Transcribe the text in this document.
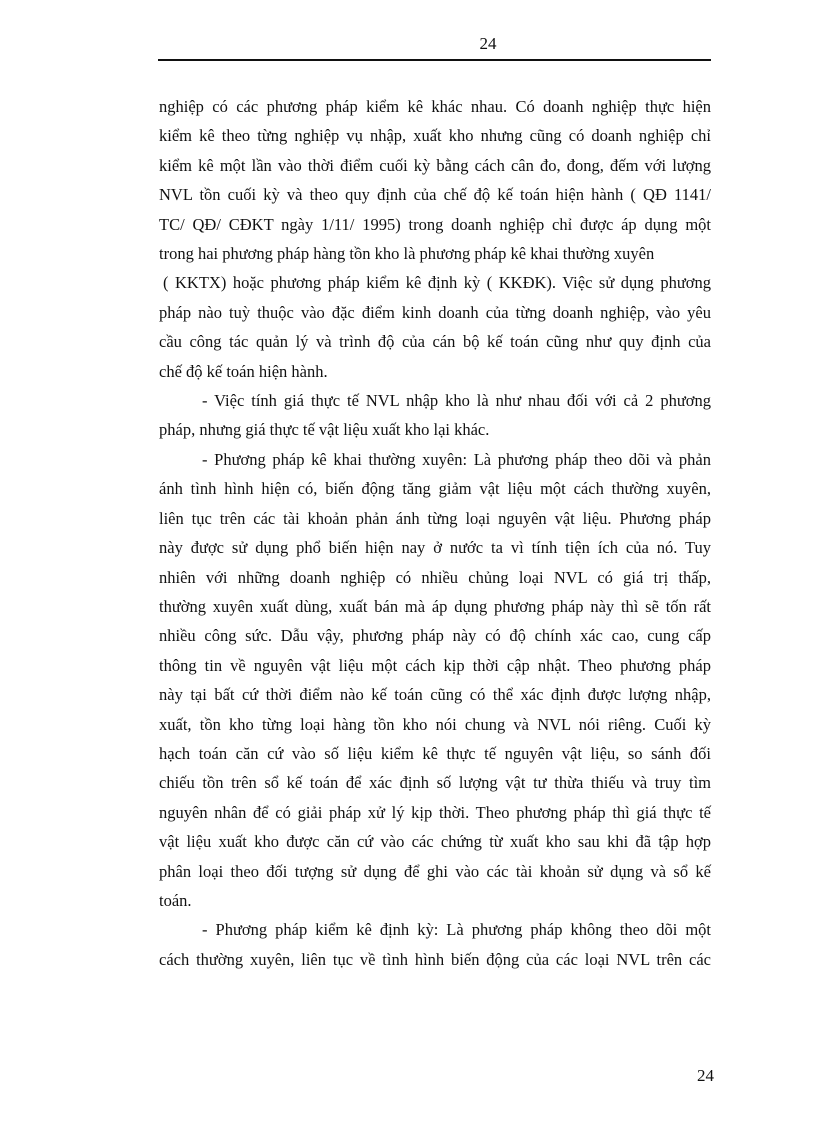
24
nghiệp có các phương pháp kiểm kê khác nhau. Có doanh nghiệp thực hiện
kiểm kê theo từng nghiệp vụ nhập, xuất kho nhưng cũng có doanh nghiệp chỉ
kiểm kê một lần vào thời điểm cuối kỳ bằng cách cân đo, đong, đếm với lượng
NVL tồn cuối kỳ và theo quy định của chế độ kế toán hiện hành ( QĐ 1141/
TC/ QĐ/ CĐKT ngày 1/11/ 1995) trong doanh nghiệp chỉ được áp dụng một
trong hai phương pháp hàng tồn kho là phương pháp kê khai thường xuyên
( KKTX) hoặc phương pháp kiểm kê định kỳ ( KKĐK). Việc sử dụng phương
pháp nào tuỳ thuộc vào đặc điểm kinh doanh của từng doanh nghiệp, vào yêu
cầu công tác quản lý và trình độ của cán bộ kế toán cũng như quy định của
chế độ kế toán hiện hành.
- Việc tính giá thực tế NVL nhập kho là như nhau đối với cả 2 phương
pháp, nhưng giá thực tế vật liệu xuất kho lại khác.
- Phương pháp kê khai thường xuyên: Là phương pháp theo dõi và phản
ánh tình hình hiện có, biến động tăng giảm vật liệu một cách thường xuyên,
liên tục trên các tài khoản phản ánh từng loại nguyên vật liệu. Phương pháp
này được sử dụng phổ biến hiện nay ở nước ta vì tính tiện ích của nó. Tuy
nhiên với những doanh nghiệp có nhiều chủng loại NVL có giá trị thấp,
thường xuyên xuất dùng, xuất bán mà áp dụng phương pháp này thì sẽ tốn rất
nhiều công sức. Dẫu vậy, phương pháp này có độ chính xác cao, cung cấp
thông tin về nguyên vật liệu một cách kịp thời cập nhật. Theo phương pháp
này tại bất cứ thời điểm nào kế toán cũng có thể xác định được lượng nhập,
xuất, tồn kho từng loại hàng tồn kho nói chung và NVL nói riêng. Cuối kỳ
hạch toán căn cứ vào số liệu kiểm kê thực tế nguyên vật liệu, so sánh đối
chiếu tồn trên sổ kế toán để xác định số lượng vật tư thừa thiếu và truy tìm
nguyên nhân để có giải pháp xử lý kịp thời. Theo phương pháp thì giá thực tế
vật liệu xuất kho được căn cứ vào các chứng từ xuất kho sau khi đã tập hợp
phân loại theo đối tượng sử dụng để ghi vào các tài khoản sử dụng và sổ kế
toán.
- Phương pháp kiểm kê định kỳ: Là phương pháp không theo dõi một
cách thường xuyên, liên tục về tình hình biến động của các loại NVL trên các
24
